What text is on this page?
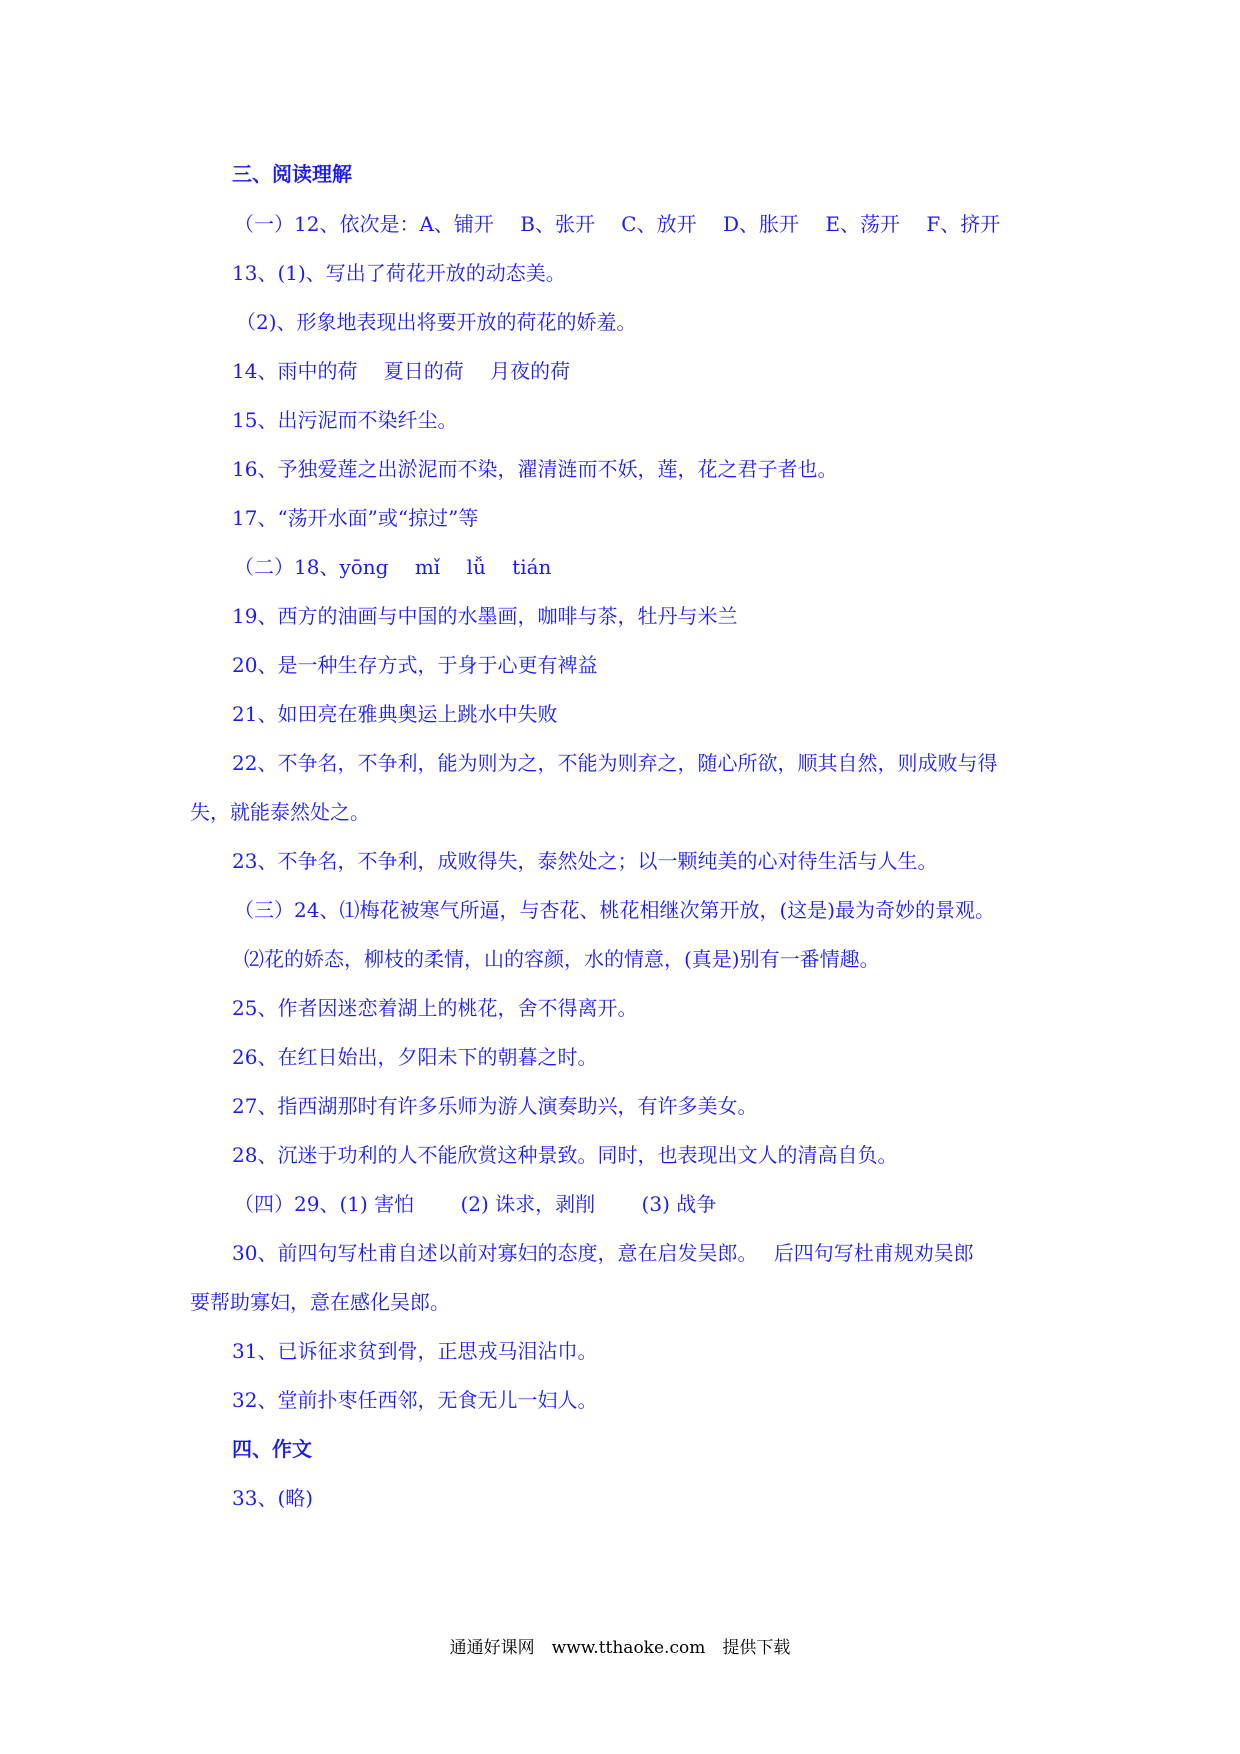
三、阅读理解
（一）12、依次是：A、铺开　 B、张开　 C、放开　 D、胀开　 E、荡开　 F、挤开
13、(1)、写出了荷花开放的动态美。
（2)、形象地表现出将要开放的荷花的娇羞。
14、雨中的荷　 夏日的荷　 月夜的荷
15、出污泥而不染纤尘。
16、予独爱莲之出淤泥而不染，濯清涟而不妖，莲，花之君子者也。
17、“荡开水面”或“掠过”等
（二）18、yōng　 mǐ　 lǚ　 tián
19、西方的油画与中国的水墨画，咖啡与茶，牡丹与米兰
20、是一种生存方式，于身于心更有裨益
21、如田亮在雅典奥运上跳水中失败
22、不争名，不争利，能为则为之，不能为则弃之，随心所欲，顺其自然，则成败与得
失，就能泰然处之。
23、不争名，不争利，成败得失，泰然处之；以一颗纯美的心对待生活与人生。
（三）24、⑴梅花被寒气所逼，与杏花、桃花相继次第开放，(这是)最为奇妙的景观。
⑵花的娇态，柳枝的柔情，山的容颜，水的情意，(真是)别有一番情趣。
25、作者因迷恋着湖上的桃花，舍不得离开。
26、在红日始出，夕阳未下的朝暮之时。
27、指西湖那时有许多乐师为游人演奏助兴，有许多美女。
28、沉迷于功利的人不能欣赏这种景致。同时，也表现出文人的清高自负。
（四）29、(1) 害怕　　 (2) 诛求，剥削　　 (3) 战争
30、前四句写杜甫自述以前对寡妇的态度，意在启发吴郎。　 后四句写杜甫规劝吴郎
要帮助寡妇，意在感化吴郎。
31、已诉征求贫到骨，正思戎马泪沾巾。
32、堂前扑枣任西邻，无食无儿一妇人。
四、作文
33、(略)
通通好课网　www.tthaoke.com　提供下载
